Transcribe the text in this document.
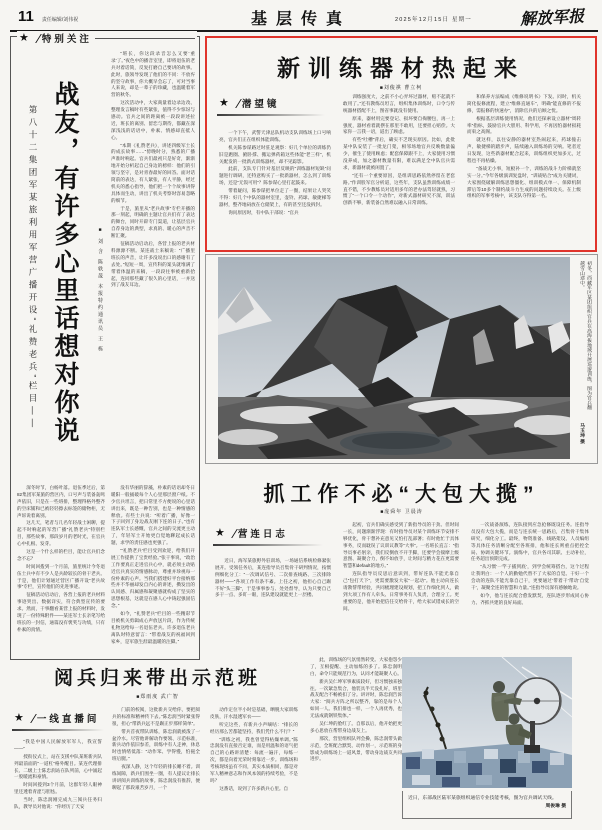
11 责任编辑/刘伟祝	基层传真	2025年12月15日 星期一	解放军报
★ 特别关注
第八十二集团军某旅利用军营广播开设“礼赞老兵”栏目—— 战友，有许多心里话想对你说	■ 刘 含 陈轶晟 本报特约通讯员 王 栋

“班长，你这段录音怎么又要‘重录’了。”夜色中的播音室里，即将退伍的老兵对着话筒，反复打磨自己要讲的故事。此时，旅领导发现了他们的不同：不放弃的坚守故事，你大概早会忘了，可对当事人来说，却是一辈子的珍藏，也温暖着军营的秋冬。

这次活动中，大家商量着边录边改、整理发言稿时有些紧张，值得不少惊讶与感动。官兵之间的距离被一段段讲述拉近，班长的离别、留恋与期待，都藏在深深浅浅的话语中，朴素、情感却直抵人心。

“本期《礼赞老兵》，讲述四级军士长的成长故事……”傍晚时分，熟悉的广播声准时响起。官兵们最初只是好奇，渐渐地开始分析起自己身边的榜样：他们的引领与坚守，是对青春最好的回答。面对话筒前的表达，有人紧张，有人平静，经过机关的悉心指导，他们把一个个故事讲得具体而生动，讲出了机关考察时容易忽略的细节。

于是，旅里从“老兵故事”专栏开播的那一刻起，明确的主题让官兵们有了表达的舞台，同时开辟专门渠道，让基层官兵自荐身边的典型，求真的、暖心的声音不断汇聚。

征稿活动启动后，各营上报的老兵材料源源不断。某连战士来稿说：“广播里班长的声音，让许多没说出口的感谢有了去处。”短短一周，宣传科的案头就堆满了带着体温的来稿，一段段往事被重新拾起，连同那些藏了很久的心里话，一并送到了战友耳边。

深冬时节，白杨叶落。退伍季过后，第82集团军某旅的营区内，口号声与装备轰鸣声依旧，只是在一些班排，整理得格外整齐的空床铺和已被轻轻擦去标签的储物柜，无声诉说着离别。

这几天，笔者与几名年轻战士闲聊，提起不时响起的军营广播“礼赞老兵”特别栏目，那些故事、那段岁月的老时光，在官兵心中扎根、发芽。

这是一个什么样的栏目，能让官兵们念念不忘？

时间回拨到一个月前，旅里统计今冬退伍士兵中有不少人是兵龄较长的骨干老兵。于是，他们计划通过营区广播开设“老兵故事”专栏，宣传他们的先进事迹。

征稿活动启动后，各营上报的老兵材料事迹突出、数据详实，符合典型宣传的要求。然而，干事翻看某营上报的材料时，发现了一份特殊附件——某连军士长亲笔写给班长的一封信，通篇没有褒奖与功绩，只有朴素的真情。

没有华丽的辞藻，朴素的话语却冬日暖阳一般捅破每个人心里那层窗户纸。不少官兵坦言，把日常里不方便说的心里话讲出来，既是一种告别，也是一种情感的释放。有些士兵说：“听着广播，好像一下子回到了身边战友刚下连的日子。”也有连队军士长感慨，官兵之间的交流更主动了，年轻军士开始更自觉地聊起成长话题，求学的责任感也更强了。

“‘礼赞老兵’栏目受到欢迎，给我们开展工作提供了宝贵经验。”张干事说，“政治工作要真正走进官兵心中，就必须主动贴近官兵真实的情感脉动，尊重并珍视每一份朴素的心声。当我们搭建好平台接纳那些并不华丽却发自内心的讲述，攒发出的认同感、归属感和凝聚感就构成了坚实的思想根基，这就是在感人心中铸起强固信念。”

如今，“礼赞老兵”栏目的一些精彩节目被机关剪辑成心声放送片段，作为传统礼物送给每一名退伍老兵。许多退伍老兵离队时特意留言：“带着战友的祝福回到家乡，是军旅生涯最温暖的注脚。”

新训练器材热起来
■刘俊祺 曹立柯
★ 潜望镜

一个下午，武警天津总队机动支队训练场上口号响亮，官兵们正在组织体能训练。

机关陈参谋路过时驻足观察：好几个单位的训练仍旧是跑圈、俯卧撑、搬运弹药箱这些体能“老三样”，机关配发的一批新式训练器材，却不见踪影。

此前，支队专门针对基层反映的“训练器材短缺”问题进行调研，还特意购买了一批新器材，怎么到了训练场，还是“无饭可用”？陈参谋心里打起鼓来。

带着疑问，陈参谋把单位走了一圈，结果让人哭笑不得：好几个中队的器材室里，壶铃、药球、敏捷梯等器材，整齐地码放在仓储架上，有的甚至还没拆封。

询问原因时，有中队干部说：“官兵

训练强度大，之前不小心弄坏过器材，赔不起就不敢用了。”还有教练员坦言，组织集体训练时，口令与传统器材搭配不上，图省事就没有使用。

原来，器材用完要登记、损坏要自掏腰包，再一上强度，器材看着就摆在那里不敢用，还要担心赔偿。大家你一言我一语，道出了顾虑。

有些“吐槽”背后，确实不乏现实原因。比如，此批某中队安装了一批龙门架，相邻场地官兵反映数量偏少，催生了使用顾虑；配套保障跟不上，大家使用习惯没养成，加之器材数量有限，难以满足全中队官兵需求，新器材就被闲置了。

“还有一个重要原因，是组训思路依然停留在老套路。”作训股军官分析道，这些年，支队虽然训练成绩一直不错，不少教练员对适用多年的老办法驾轻就熟，习惯了“一个口令一个动作”，对新式器材研究不深，训法创新不够，新装备自然难以融入日常训练。

和保养方法编成《维修说明书》下发。同时，机关简化报修流程，建立“维修直通车”，明确“能直修的不报修，需报修的快速办”，消除官兵的后顾之忧。

根据基层训练使用情况，他们还探索设立器材“周转率”指标，鼓励官兵大胆用、科学用，不再因怕器材损耗而束之高阁。

就这样，以往安静的器材室热闹起来，药球撞击声、敏捷梯的踏步声，陆续融入训练场的交响。笔者近日发现，这些新器材配合起来，训练组织更加多元，过程也不再枯燥。

“备战无小事，短板补一个，训练的战斗力阶梯就坚实一分。”今年各级演训复盘时，“训战贴合”成为关键词，大家围绕破解训练思想僵化、组训模式单一、保障机制滞后等10多个制约战斗力生成的问题持续攻关。在上级组织的军事考核中，该支队夺得第一名。

初冬，西藏军区某团组织官兵在高海拔地域开展巡逻训练，图为官兵翻越雪山途中。
马玉坤 摄
抓工作不必“大包大揽”
■庞舜年 卫晨涛
★ 营连日志

近日，海军某旅野外驻训场，一场通信系统检修紧张展开。受领任务后，某连指导员召集骨干研判情况，按惯例细化分工：“一次调试信号、二次排查线路、三次排除器材——”各项工作有条不紊。上任之初，他担心自己踢不好“头三脚”，于是事事参与、处处督导，认为只要自己多干一点、多盯一眼，连队建设就能更上一层楼。

起初，官兵们确实感受到了新指导员的干劲。但时间一长，问题渐渐浮现：有时指导员对某个训练环节安排不够优化，骨干想补充意见又怕打乱部署；有时他忙于具体事务，反而耽误了议训议教等“大事”。一名班长直言：“指导员事必躬亲，我们反倒放不开手脚，还要学会揣摩上级意图、凝聚合力，倒不如放手，让时间与精力花在更需要智慧和default的地方。”

连队指导员反思后意识到，带好连队不能光靠自己“包打天下”，更需要激发大家“一起动”。他主动向连长请教帮带经验，共同梳理建设规划，把工作细化到人，做到大项工作有人牵头、日常事务有人负责，合理分工。更重要的是，他开始把信任交给骨干，给大家试错成长的空间。

一次战备演练，连队接到应急抢修既设任务。连指导员没有大包大揽，而是与连长统一思路后，召集骨干集体研究，细化分工。最终，物资准备、线路架设、人员编组等具体任务清晰分配至各班排，他和连长则重点把控全局、协调关键环节。演练中，官兵各司其职、主动补位，任务超出预期完成。

“从习惯‘一竿子插到底’，到学会统筹搭台，这个过程让我明白：一个人的勤勉代替不了大家的自觉。干好一个会动的连队不能光靠自己干，更要通过‘带着干’带动‘自觉干’，凝聚全连的智慧和力量。”连指导员深有感触地说。

如今，他与连长配合愈发默契，连队逐步形成同心协力、齐抓共建的良好局面。

阅兵归来带出示范班
■郑雨度 武广智
★ 一线直播间

“我是中国人民解放军军人，我宣誓——”

授衔仪式上，站在支援中队某班新兵队列最前面的“一道杠”格外醒目。某连代理排长、二级上士陈忠润站在队列前，心中涌起一股暖流和豪情。

时间回拨到3个月前，这群年轻人眼神里还透着青涩与胆怯。

当时，陈忠润刚完成九三阅兵任务归队，教导员对他说：“你经历了天安

门前的校阅，这批新兵交给你，要把阅兵的标准和精神传下去。”陈忠润当时紧张得很，担心“带新兵远不是踢正步那样简单”。

带兵首夜带队训练，陈忠润就被泼了一盆冷水。尽管他讲解动作要领、示范标准，新兵动作依旧参差，训练中有人走神，休息时也情绪低落：“动作笨、学得慢，怕拖全班后腿。”

夜深人静，这个年轻的排长睡不着。训练间隙，新兵们围坐一圈，有人提议让排长讲讲阅兵训练的故事。陈忠润没有推辞，便聊起了那段艰苦岁月，一个

动作定位半小时是基础，晒脱大家训练皮肤，汗水湿透军衣——

听完这些，有新兵小声嘀咕：“排长的经历那么苦都能坚持，我们凭什么不行？”

“训练之初，我也曾觉得枯燥单调。”陈忠润没有直接否定谁，而是用温和的语气把自己的心路讲清楚：每流一遍汗，每练一次，都是向着光荣时刻靠近一步。训练场和考核现场虽有不同，其实本质相同，都是对军人精神意志和作风本领的持续考验，不是吗？

这番话，说到了许多新兵心里。自

此，训练场的气氛悄然转变。大家抱怨少了，互相提醒、主动加练的多了。陈忠润明白，命令只能规范行为，认同才能凝聚人心。

新兵吴仁坤军事素质较好，但习惯独来独往。一次紧急集合，他装具半天没扎好，班里战友配合不畅被扣了分。讲评时，陈忠润告诉大家：“阅兵方阵之所以整齐，靠的是每个人如同一人。我们排也一样，一个人再优秀，也无法成就钢铁集体。”

吴仁坤的脸红了。自那以后，他开始把更多心思放在帮带身边战友上。

那次，营里组织队列会操，陈忠润带头做示范，全班配合默契、动作划一，示范班的身影成为训练场上一道风景，带动身边战友共同进步。

近日，东部战区陆军某旅组织通信专业技能考核，图为官兵调试天线。
周俊琳 摄
